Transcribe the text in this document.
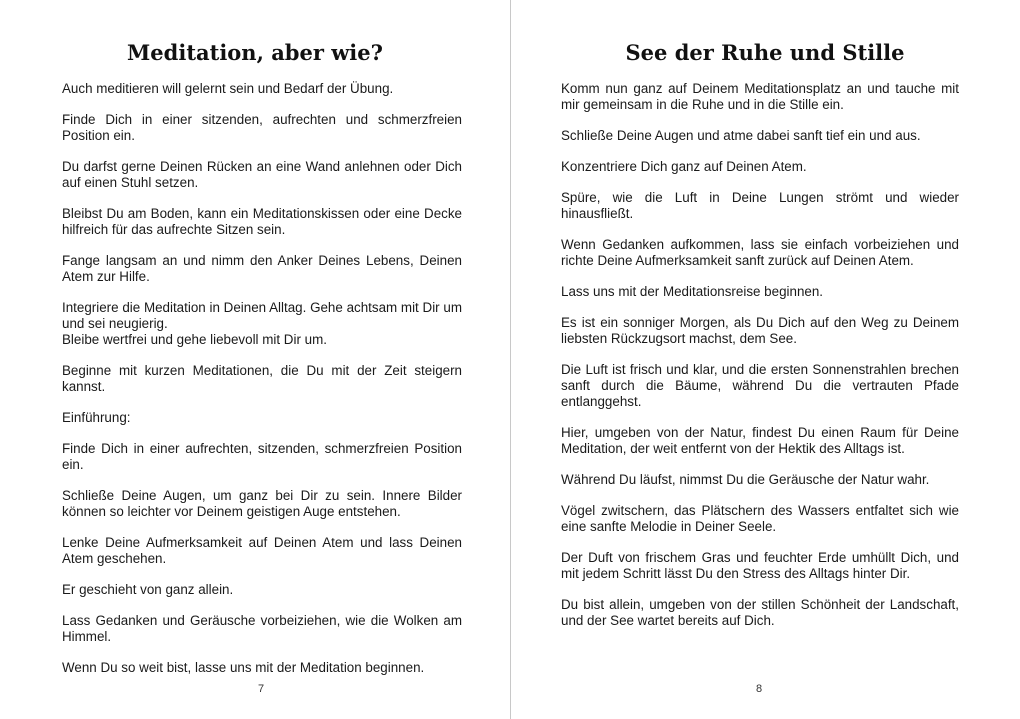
Meditation, aber wie?

Auch meditieren will gelernt sein und Bedarf der Übung.

Finde Dich in einer sitzenden, aufrechten und schmerzfreien Position ein.

Du darfst gerne Deinen Rücken an eine Wand anlehnen oder Dich auf einen Stuhl setzen.

Bleibst Du am Boden, kann ein Meditationskissen oder eine Decke hilfreich für das aufrechte Sitzen sein.

Fange langsam an und nimm den Anker Deines Lebens, Deinen Atem zur Hilfe.

Integriere die Meditation in Deinen Alltag. Gehe achtsam mit Dir um und sei neugierig.
Bleibe wertfrei und gehe liebevoll mit Dir um.

Beginne mit kurzen Meditationen, die Du mit der Zeit steigern kannst.

Einführung:

Finde Dich in einer aufrechten, sitzenden, schmerzfreien Position ein.

Schließe Deine Augen, um ganz bei Dir zu sein. Innere Bilder können so leichter vor Deinem geistigen Auge entstehen.

Lenke Deine Aufmerksamkeit auf Deinen Atem und lass Deinen Atem geschehen.

Er geschieht von ganz allein.

Lass Gedanken und Geräusche vorbeiziehen, wie die Wolken am Himmel.

Wenn Du so weit bist, lasse uns mit der Meditation beginnen.

7
See der Ruhe und Stille

Komm nun ganz auf Deinem Meditationsplatz an und tauche mit mir gemeinsam in die Ruhe und in die Stille ein.

Schließe Deine Augen und atme dabei sanft tief ein und aus.

Konzentriere Dich ganz auf Deinen Atem.

Spüre, wie die Luft in Deine Lungen strömt und wieder hinausfließt.

Wenn Gedanken aufkommen, lass sie einfach vorbeiziehen und richte Deine Aufmerksamkeit sanft zurück auf Deinen Atem.

Lass uns mit der Meditationsreise beginnen.

Es ist ein sonniger Morgen, als Du Dich auf den Weg zu Deinem liebsten Rückzugsort machst, dem See.

Die Luft ist frisch und klar, und die ersten Sonnenstrahlen brechen sanft durch die Bäume, während Du die vertrauten Pfade entlanggehst.

Hier, umgeben von der Natur, findest Du einen Raum für Deine Meditation, der weit entfernt von der Hektik des Alltags ist.

Während Du läufst, nimmst Du die Geräusche der Natur wahr.

Vögel zwitschern, das Plätschern des Wassers entfaltet sich wie eine sanfte Melodie in Deiner Seele.

Der Duft von frischem Gras und feuchter Erde umhüllt Dich, und mit jedem Schritt lässt Du den Stress des Alltags hinter Dir.

Du bist allein, umgeben von der stillen Schönheit der Landschaft, und der See wartet bereits auf Dich.

8
